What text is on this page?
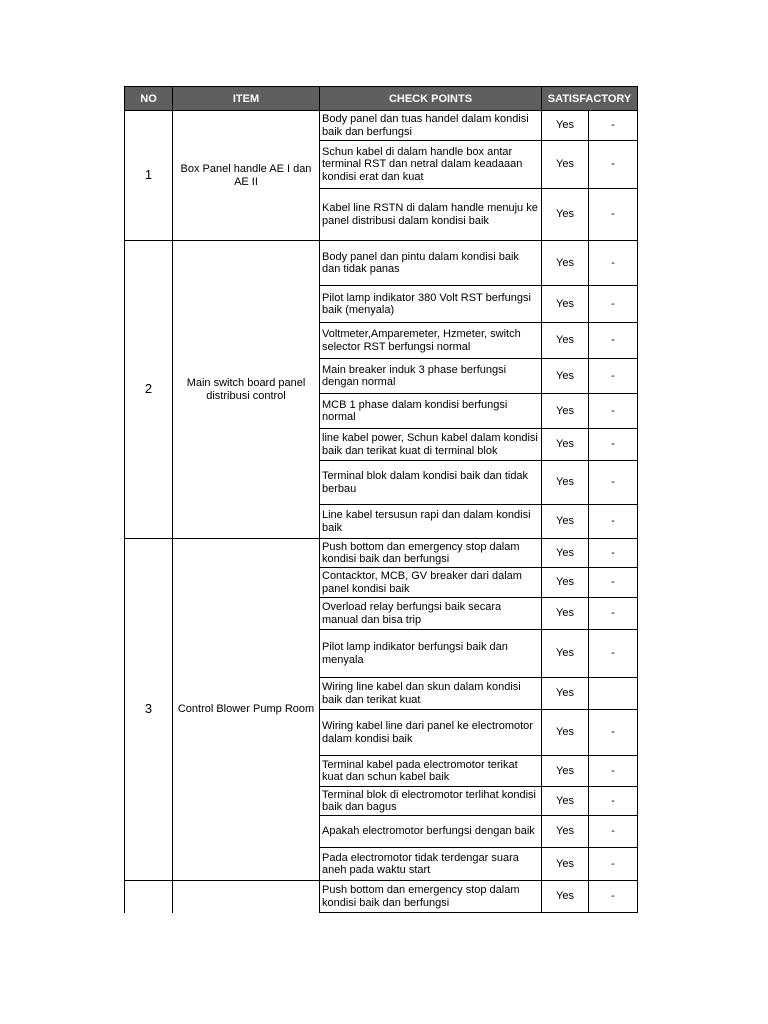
NO	ITEM	CHECK POINTS	SATISFACTORY	
1	Box Panel handle AE I dan AE II	Body panel dan tuas handel dalam kondisi baik dan berfungsi	Yes	-
		Schun kabel di dalam handle box antar terminal RST dan netral dalam keadaaan kondisi erat dan kuat	Yes	-
		Kabel line RSTN di dalam handle menuju ke panel distribusi dalam kondisi baik	Yes	-
2	Main switch board panel distribusi control	Body panel dan pintu dalam kondisi baik dan tidak panas	Yes	-
		Pilot lamp indikator 380 Volt RST berfungsi baik (menyala)	Yes	-
		Voltmeter,Amparemeter, Hzmeter, switch selector RST berfungsi normal	Yes	-
		Main breaker induk 3 phase berfungsi dengan normal	Yes	-
		MCB 1 phase dalam kondisi berfungsi normal	Yes	-
		line kabel power, Schun kabel dalam kondisi baik dan terikat kuat di terminal blok	Yes	-
		Terminal blok dalam kondisi baik dan tidak berbau	Yes	-
		Line kabel tersusun rapi dan dalam kondisi baik	Yes	-
3	Control Blower Pump Room	Push bottom dan emergency stop dalam kondisi baik dan berfungsi	Yes	-
		Contacktor, MCB, GV breaker dari dalam panel kondisi baik	Yes	-
		Overload relay berfungsi baik secara manual dan bisa trip	Yes	-
		Pilot lamp indikator berfungsi baik dan menyala	Yes	-
		Wiring line kabel dan skun dalam kondisi baik dan terikat kuat	Yes	
		Wiring kabel line dari panel ke electromotor dalam kondisi baik	Yes	-
		Terminal kabel pada electromotor terikat kuat dan schun kabel baik	Yes	-
		Terminal blok di electromotor terlihat kondisi baik dan bagus	Yes	-
		Apakah electromotor berfungsi dengan baik	Yes	-
		Pada electromotor tidak terdengar suara aneh pada waktu start	Yes	-
		Push bottom dan emergency stop dalam kondisi baik dan berfungsi	Yes	-
